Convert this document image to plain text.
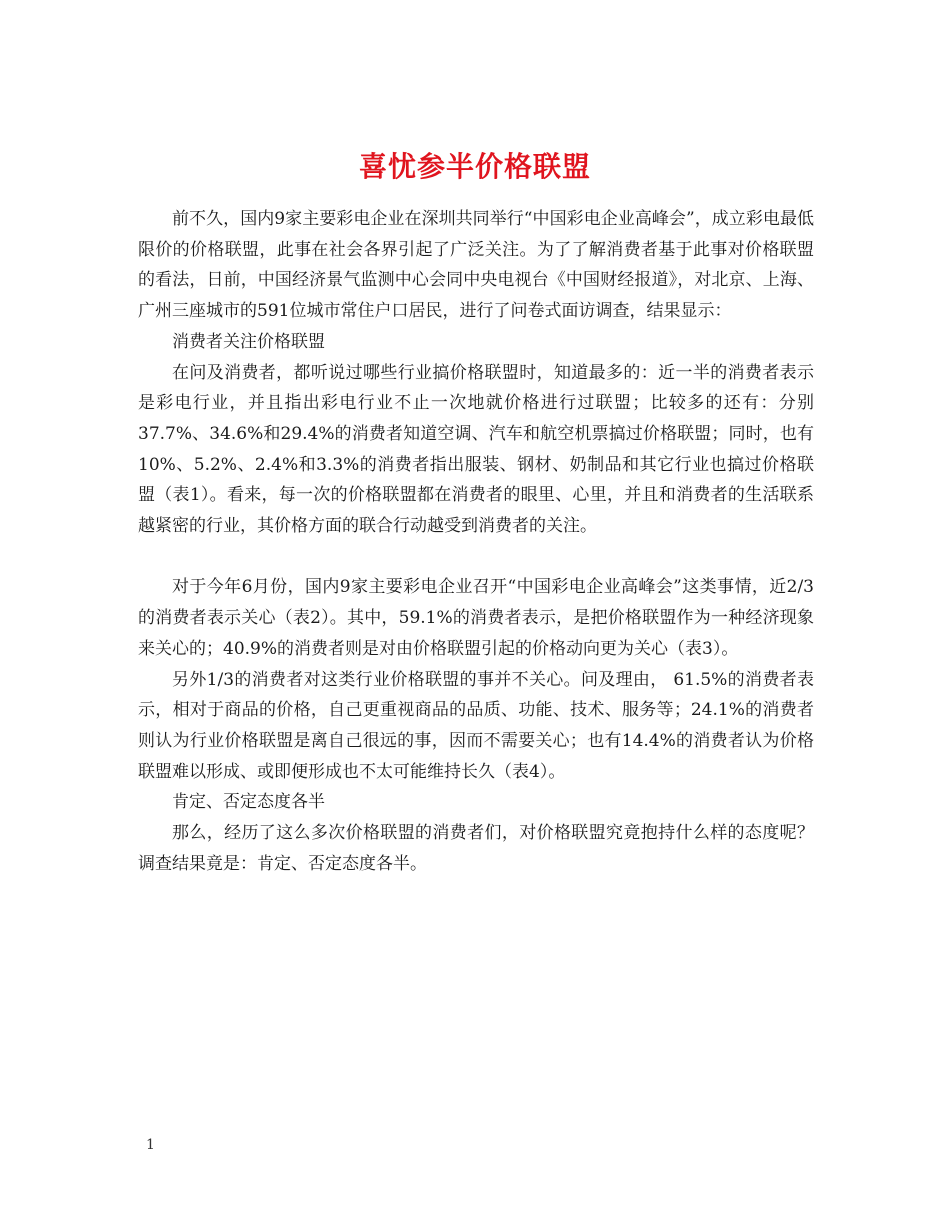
喜忧参半价格联盟

前不久，国内9家主要彩电企业在深圳共同举行“中国彩电企业高峰会”，成立彩电最低限价的价格联盟，此事在社会各界引起了广泛关注。为了了解消费者基于此事对价格联盟的看法，日前，中国经济景气监测中心会同中央电视台《中国财经报道》，对北京、上海、广州三座城市的591位城市常住户口居民，进行了问卷式面访调查，结果显示：

消费者关注价格联盟

在问及消费者，都听说过哪些行业搞价格联盟时，知道最多的：近一半的消费者表示是彩电行业，并且指出彩电行业不止一次地就价格进行过联盟；比较多的还有：分别37.7%、34.6%和29.4%的消费者知道空调、汽车和航空机票搞过价格联盟；同时，也有10%、5.2%、2.4%和3.3%的消费者指出服装、钢材、奶制品和其它行业也搞过价格联盟（表1）。看来，每一次的价格联盟都在消费者的眼里、心里，并且和消费者的生活联系越紧密的行业，其价格方面的联合行动越受到消费者的关注。

对于今年6月份，国内9家主要彩电企业召开“中国彩电企业高峰会”这类事情，近2/3的消费者表示关心（表2）。其中，59.1%的消费者表示，是把价格联盟作为一种经济现象来关心的；40.9%的消费者则是对由价格联盟引起的价格动向更为关心（表3）。

另外1/3的消费者对这类行业价格联盟的事并不关心。问及理由， 61.5%的消费者表示，相对于商品的价格，自己更重视商品的品质、功能、技术、服务等；24.1%的消费者则认为行业价格联盟是离自己很远的事，因而不需要关心；也有14.4%的消费者认为价格联盟难以形成、或即便形成也不太可能维持长久（表4）。

肯定、否定态度各半

那么，经历了这么多次价格联盟的消费者们，对价格联盟究竟抱持什么样的态度呢？调查结果竟是：肯定、否定态度各半。

1
